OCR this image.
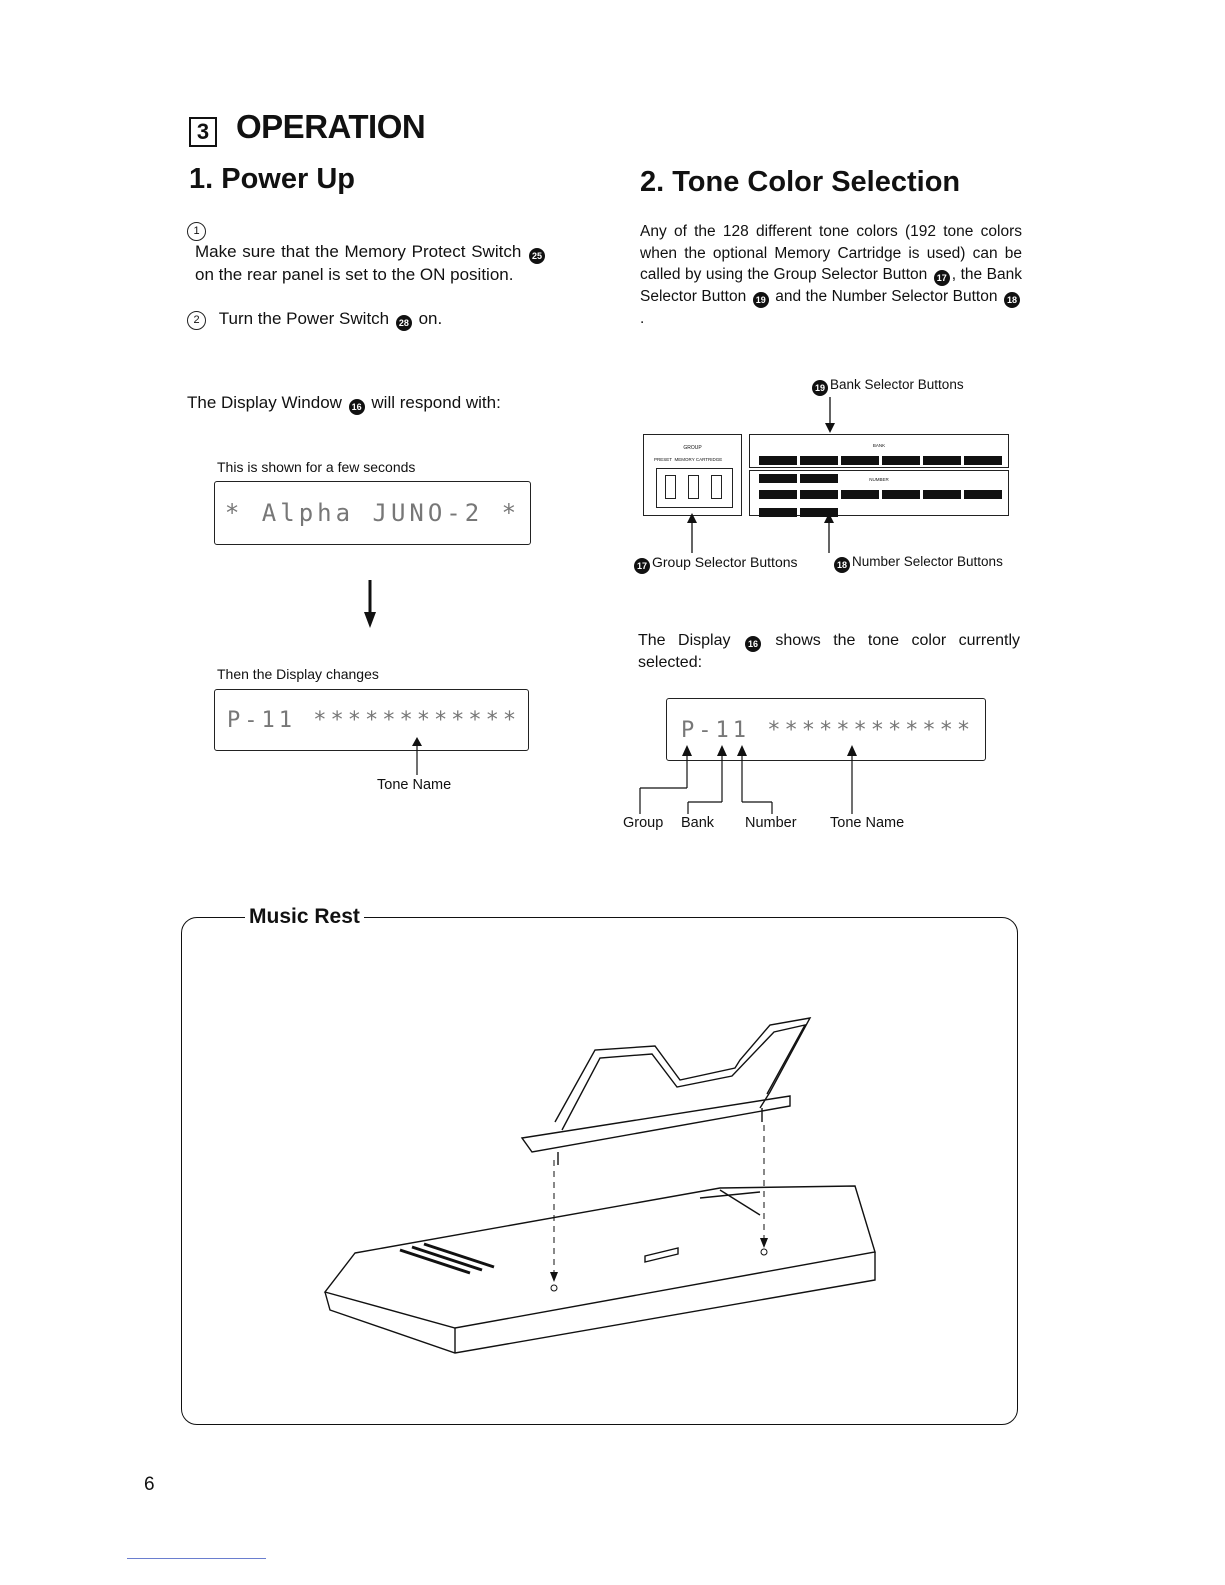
3 OPERATION
1. Power Up
1 Make sure that the Memory Protect Switch 25 on the rear panel is set to the ON position.
2 Turn the Power Switch 28 on.
The Display Window 16 will respond with:
This is shown for a few seconds
* Alpha JUNO-2 *
Then the Display changes
P-11 ************
Tone Name
2. Tone Color Selection
Any of the 128 different tone colors (192 tone colors when the optional Memory Cartridge is used) can be called by using the Group Selector Button 17 , the Bank Selector Button 19 and the Number Selector Button 18.
19 Bank Selector Buttons
GROUP
PRESET MEMORY CARTRIDGE
BANK
NUMBER
17 Group Selector Buttons	18 Number Selector Buttons
The Display 16 shows the tone color currently selected:
P-11 ************
Group Bank Number Tone Name
Music Rest
6
